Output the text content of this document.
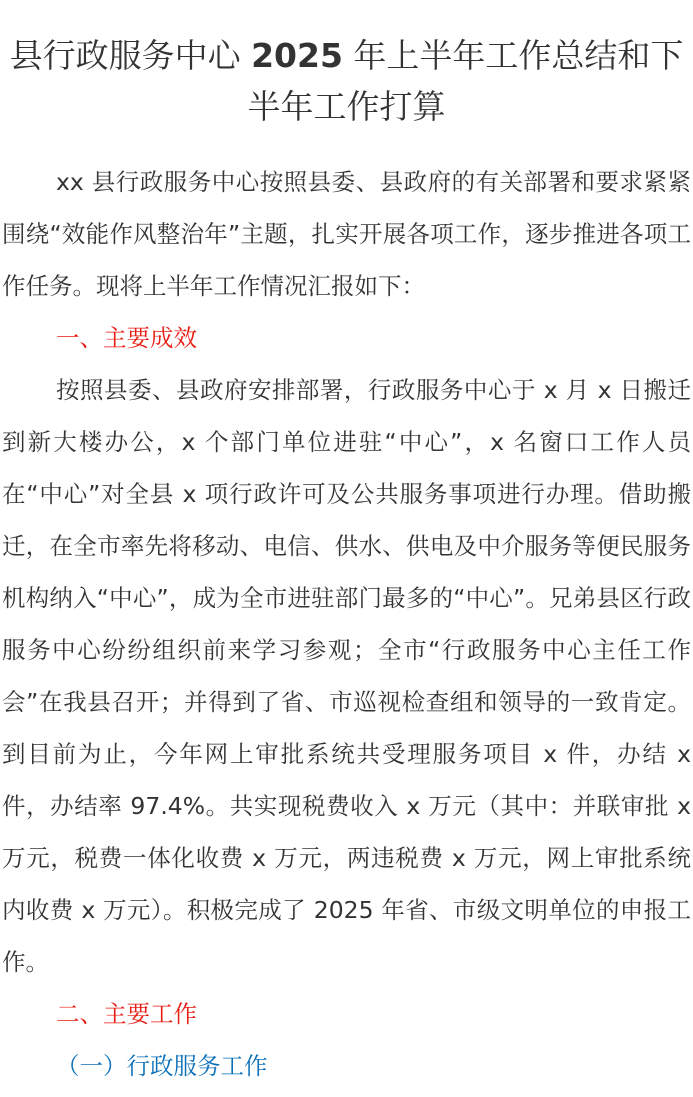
县行政服务中心 2025 年上半年工作总结和下半年工作打算

xx 县行政服务中心按照县委、县政府的有关部署和要求紧紧围绕“效能作风整治年”主题，扎实开展各项工作，逐步推进各项工作任务。现将上半年工作情况汇报如下：

一、主要成效

按照县委、县政府安排部署，行政服务中心于 x 月 x 日搬迁到新大楼办公，x 个部门单位进驻“中心”，x 名窗口工作人员在“中心”对全县 x 项行政许可及公共服务事项进行办理。借助搬迁，在全市率先将移动、电信、供水、供电及中介服务等便民服务机构纳入“中心”，成为全市进驻部门最多的“中心”。兄弟县区行政服务中心纷纷组织前来学习参观；全市“行政服务中心主任工作会”在我县召开；并得到了省、市巡视检查组和领导的一致肯定。到目前为止，今年网上审批系统共受理服务项目 x 件，办结 x 件，办结率 97.4%。共实现税费收入 x 万元（其中：并联审批 x 万元，税费一体化收费 x 万元，两违税费 x 万元，网上审批系统内收费 x 万元）。积极完成了 2025 年省、市级文明单位的申报工作。

二、主要工作

（一）行政服务工作
